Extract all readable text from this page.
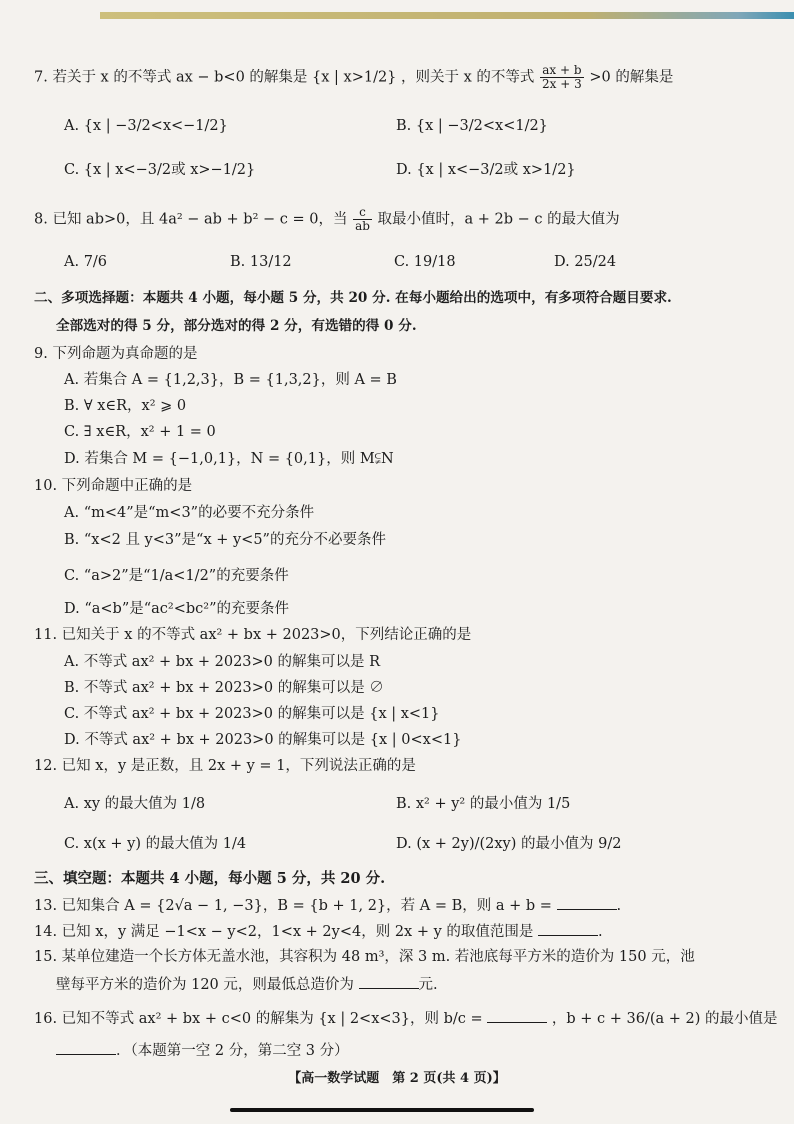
7. 若关于 x 的不等式 ax − b<0 的解集是 {x | x>1/2} ，则关于 x 的不等式 $\frac{ax + b}{2x + 3} >0$ 的解集是
A. {x | −3/2<x<−1/2}	B. {x | −3/2<x<1/2}
C. {x | x<−3/2或 x>−1/2}	D. {x | x<−3/2或 x>1/2}
8. 已知 ab>0，且 4a² − ab + b² − c = 0，当 $\frac{c}{ab}$ 取最小值时，a + 2b − c 的最大值为
A. 7/6	B. 13/12	C. 19/18	D. 25/24
二、多项选择题：本题共 4 小题，每小题 5 分，共 20 分. 在每小题给出的选项中，有多项符合题目要求.
全部选对的得 5 分，部分选对的得 2 分，有选错的得 0 分.
9. 下列命题为真命题的是
A. 若集合 A = {1,2,3}，B = {1,3,2}，则 A = B
B. ∀ x∈R，x² ⩾ 0
C. ∃ x∈R，x² + 1 = 0
D. 若集合 M = {−1,0,1}，N = {0,1}，则 M⫋N
10. 下列命题中正确的是
A. “m<4”是“m<3”的必要不充分条件
B. “x<2 且 y<3”是“x + y<5”的充分不必要条件
C. “a>2”是“1/a<1/2”的充要条件
D. “a<b”是“ac²<bc²”的充要条件
11. 已知关于 x 的不等式 ax² + bx + 2023>0，下列结论正确的是
A. 不等式 ax² + bx + 2023>0 的解集可以是 R
B. 不等式 ax² + bx + 2023>0 的解集可以是 ∅
C. 不等式 ax² + bx + 2023>0 的解集可以是 {x | x<1}
D. 不等式 ax² + bx + 2023>0 的解集可以是 {x | 0<x<1}
12. 已知 x，y 是正数，且 2x + y = 1，下列说法正确的是
A. xy 的最大值为 1/8	B. x² + y² 的最小值为 1/5
C. x(x + y) 的最大值为 1/4	D. (x + 2y)/(2xy) 的最小值为 9/2
三、填空题：本题共 4 小题，每小题 5 分，共 20 分.
13. 已知集合 A = {2√a − 1, −3}，B = {b + 1, 2}，若 A = B，则 a + b =	.
14. 已知 x，y 满足 −1<x − y<2，1<x + 2y<4，则 2x + y 的取值范围是	.
15. 某单位建造一个长方体无盖水池，其容积为 48 m³，深 3 m. 若池底每平方米的造价为 150 元，池
壁每平方米的造价为 120 元，则最低总造价为	元.
16. 已知不等式 ax² + bx + c<0 的解集为 {x | 2<x<3}，则 b/c =	，b + c + 36/(a + 2) 的最小值是
．（本题第一空 2 分，第二空 3 分）
【高一数学试题　第 2 页(共 4 页)】
